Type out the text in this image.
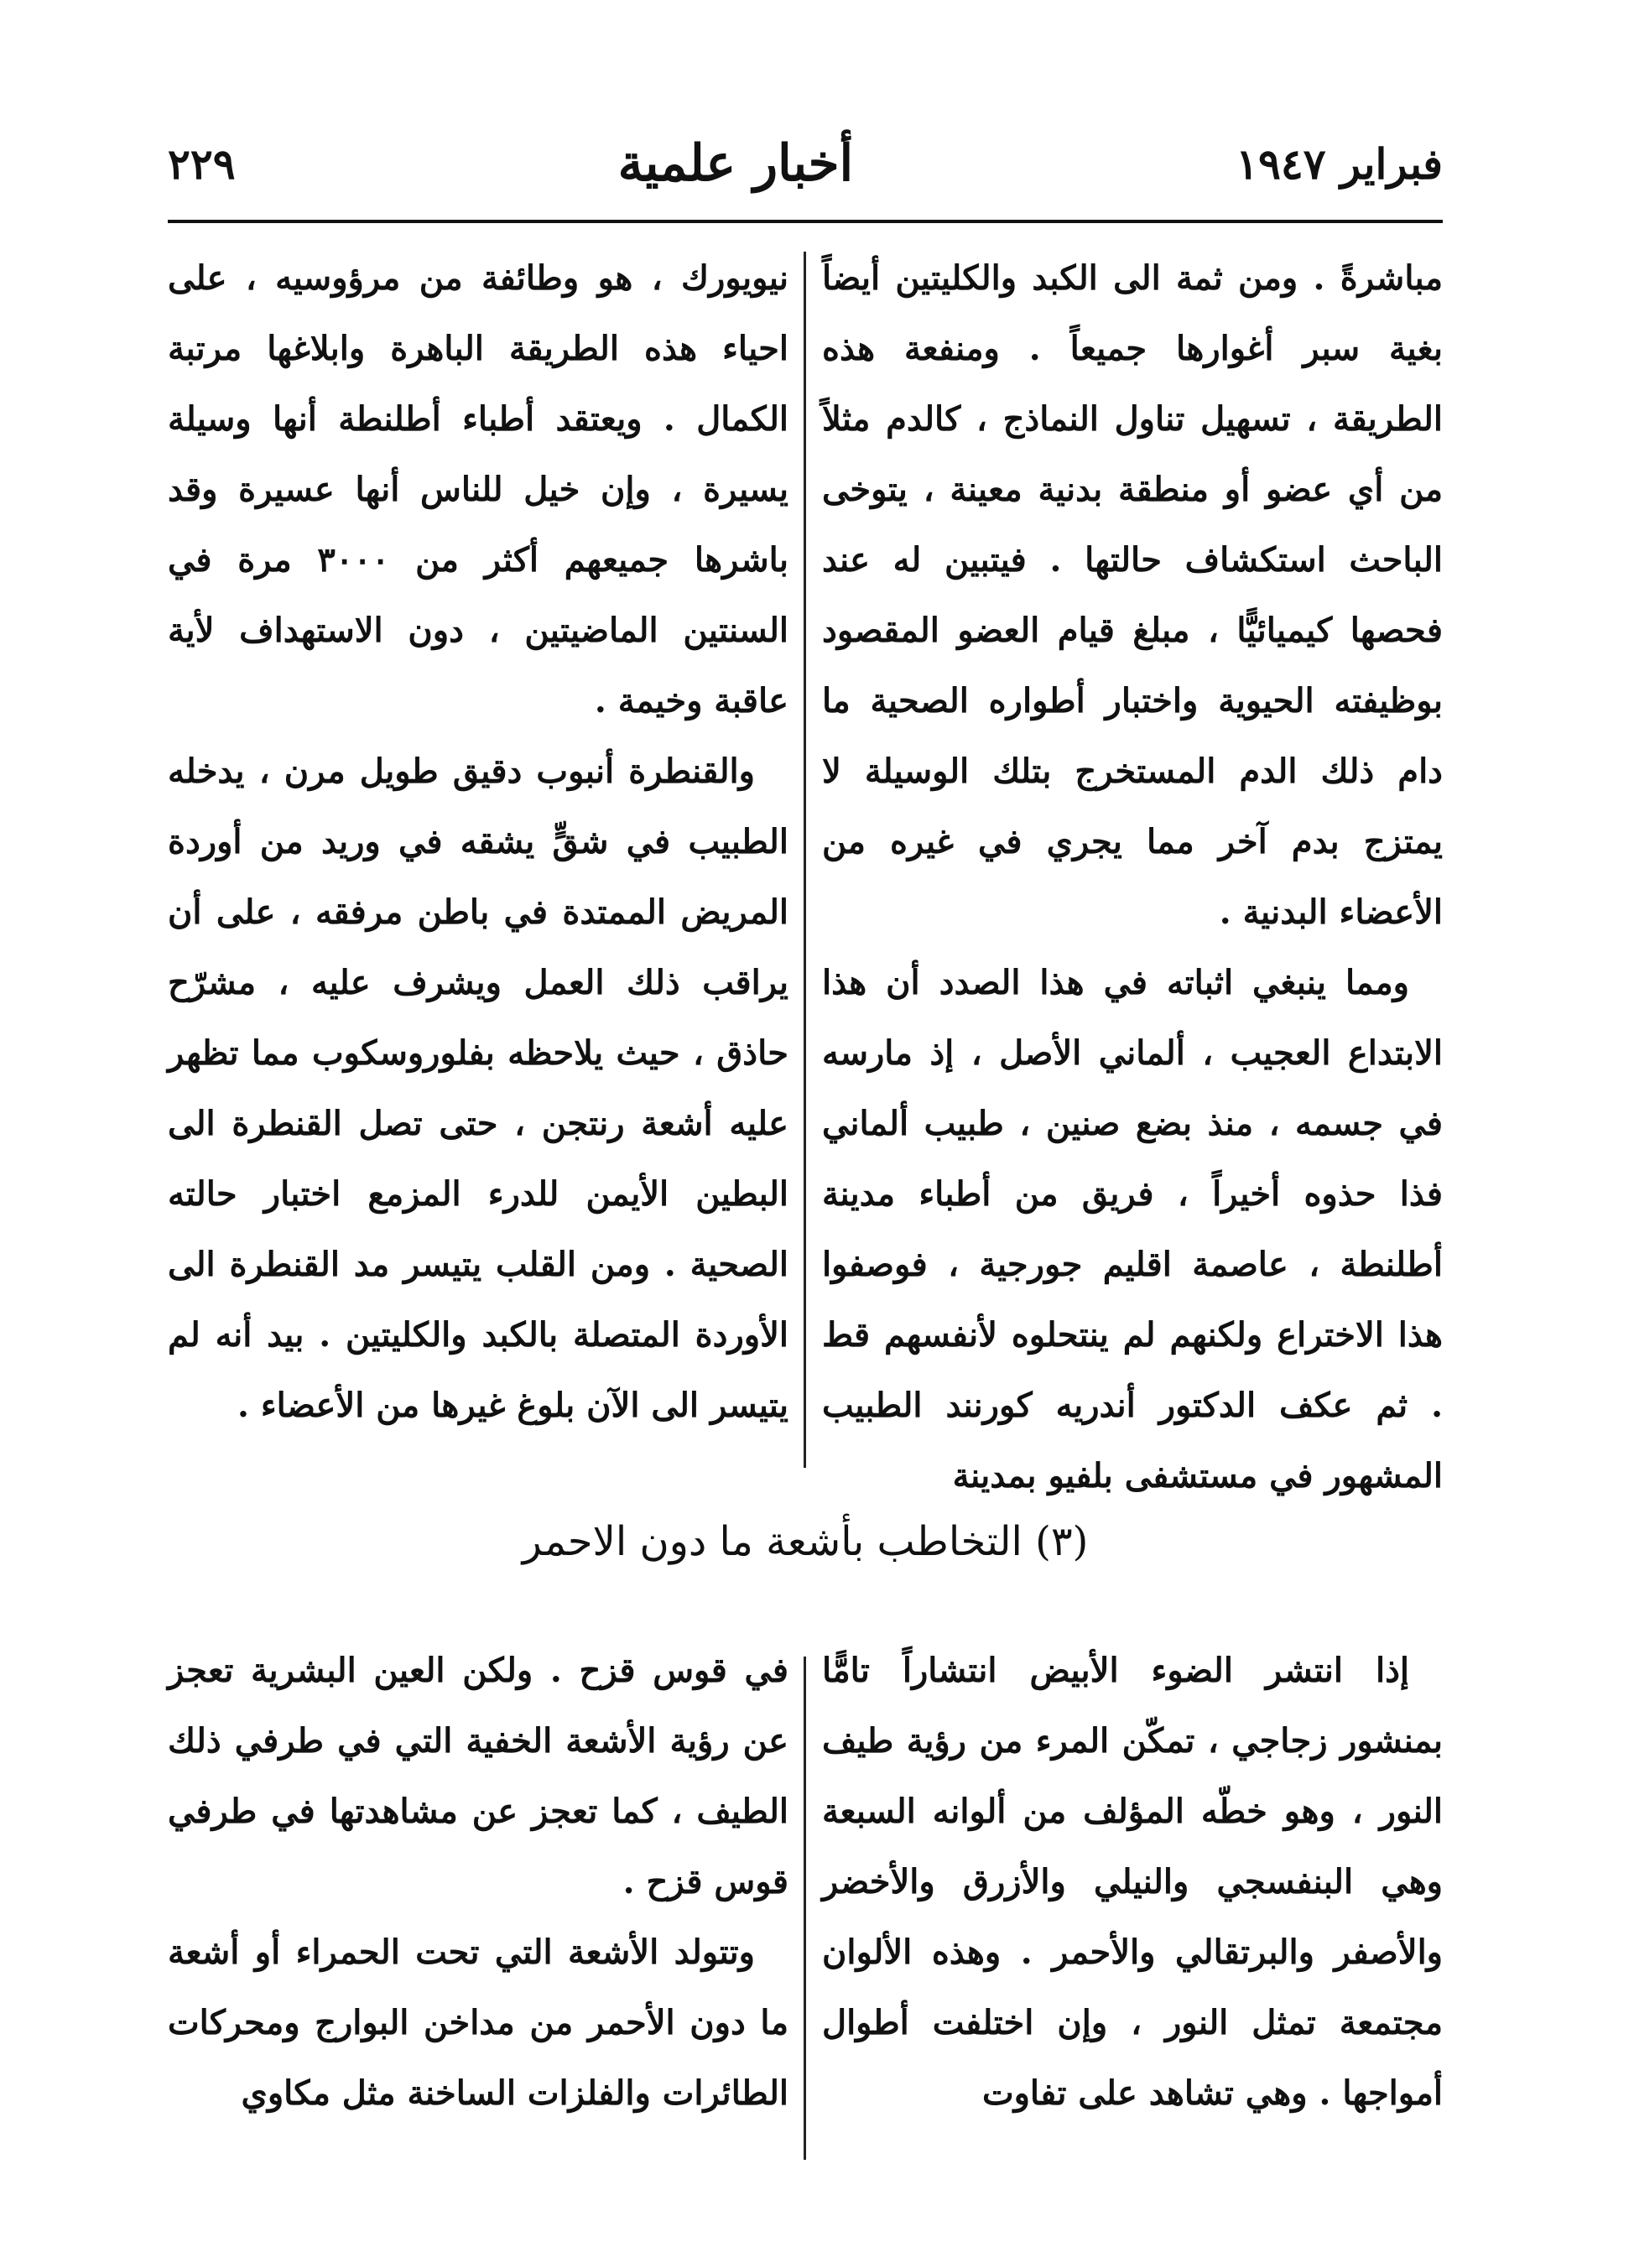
فبراير ١٩٤٧
أخبار علمية
٢٢٩

مباشرةً . ومن ثمة الى الكبد والكليتين أيضاً بغية سبر أغوارها جميعاً . ومنفعة هذه الطريقة ، تسهيل تناول النماذج ، كالدم مثلاً من أي عضو أو منطقة بدنية معينة ، يتوخى الباحث استكشاف حالتها . فيتبين له عند فحصها كيميائيًّا ، مبلغ قيام العضو المقصود بوظيفته الحيوية واختبار أطواره الصحية ما دام ذلك الدم المستخرج بتلك الوسيلة لا يمتزج بدم آخر مما يجري في غيره من الأعضاء البدنية .

ومما ينبغي اثباته في هذا الصدد أن هذا الابتداع العجيب ، ألماني الأصل ، إذ مارسه في جسمه ، منذ بضع صنين ، طبيب ألماني فذا حذوه أخيراً ، فريق من أطباء مدينة أطلنطة ، عاصمة اقليم جورجية ، فوصفوا هذا الاختراع ولكنهم لم ينتحلوه لأنفسهم قط . ثم عكف الدكتور أندريه كورنند الطبيب المشهور في مستشفى بلفيو بمدينة

نيويورك ، هو وطائفة من مرؤوسيه ، على احياء هذه الطريقة الباهرة وابلاغها مرتبة الكمال . ويعتقد أطباء أطلنطة أنها وسيلة يسيرة ، وإن خيل للناس أنها عسيرة وقد باشرها جميعهم أكثر من ٣٠٠٠ مرة في السنتين الماضيتين ، دون الاستهداف لأية عاقبة وخيمة .

والقنطرة أنبوب دقيق طويل مرن ، يدخله الطبيب في شقٍّ يشقه في وريد من أوردة المريض الممتدة في باطن مرفقه ، على أن يراقب ذلك العمل ويشرف عليه ، مشرّح حاذق ، حيث يلاحظه بفلوروسكوب مما تظهر عليه أشعة رنتجن ، حتى تصل القنطرة الى البطين الأيمن للدرء المزمع اختبار حالته الصحية . ومن القلب يتيسر مد القنطرة الى الأوردة المتصلة بالكبد والكليتين . بيد أنه لم يتيسر الى الآن بلوغ غيرها من الأعضاء .

(٣) التخاطب بأشعة ما دون الاحمر

إذا انتشر الضوء الأبيض انتشاراً تامًّا بمنشور زجاجي ، تمكّن المرء من رؤية طيف النور ، وهو خطّه المؤلف من ألوانه السبعة وهي البنفسجي والنيلي والأزرق والأخضر والأصفر والبرتقالي والأحمر . وهذه الألوان مجتمعة تمثل النور ، وإن اختلفت أطوال أمواجها . وهي تشاهد على تفاوت

في قوس قزح . ولكن العين البشرية تعجز عن رؤية الأشعة الخفية التي في طرفي ذلك الطيف ، كما تعجز عن مشاهدتها في طرفي قوس قزح .

وتتولد الأشعة التي تحت الحمراء أو أشعة ما دون الأحمر من مداخن البوارج ومحركات الطائرات والفلزات الساخنة مثل مكاوي
